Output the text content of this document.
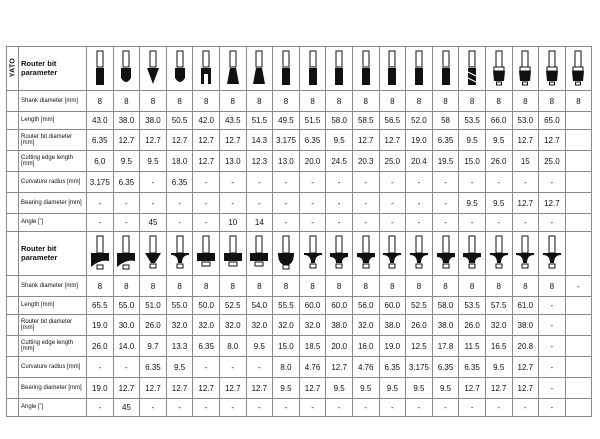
YATO	Router bit parameter	

	Shank diameter [mm]	8	8	8	8	8	8	8	8	8	8	8	8	8	8	8	8	8	8	8
	Length [mm]	43.0	38.0	38.0	50.5	42.0	43.5	51.5	49.5	51.5	58.0	58.5	56.5	52.0	58	53.5	66.0	53.0	65.0	
	Router bit diameter [mm]	6.35	12.7	12.7	12.7	12.7	12.7	14.3	3.175	6.35	9.5	12.7	12.7	19.0	6.35	9.5	9.5	12.7	12.7	
	Cutting edge length [mm]	6.0	9.5	9.5	18.0	12.7	13.0	12.3	13.0	20.0	24.5	20.3	25.0	20.4	19.5	15.0	26.0	15	25.0	
	Curvature radius [mm]	3.175	6.35	-	6.35	-	-	-	-	-	-	-	-	-	-	-	-	-	-	
	Bearing diameter [mm]	-	-	-	-	-	-	-	-	-	-	-	-	-	-	9.5	9.5	12.7	12.7	
	Angle [˚]	-	-	45	-	-	10	14	-	-	-	-	-	-	-	-	-	-	-	
	Router bit parameter	

	Shank diameter [mm]	8	8	8	8	8	8	8	8	8	8	8	8	8	8	8	8	8	8	-
	Length [mm]	65.5	55.0	51.0	55.0	50.0	52.5	54.0	55.5	60.0	60.0	56.0	60.0	52.5	58.0	53.5	57.5	61.0	-	
	Router bit diameter [mm]	19.0	30.0	26.0	32.0	32.0	32.0	32.0	32.0	32.0	38.0	32.0	38.0	26.0	38.0	26.0	32.0	38.0	-	
	Cutting edge length [mm]	26.0	14.0	9.7	13.3	6.35	8.0	9.5	15.0	18.5	20.0	16.0	19.0	12.5	17.8	11.5	16.5	20.8	-	
	Curvature radius [mm]	-	-	6.35	9.5	-	-	-	8.0	4.76	12.7	4.76	6.35	3.175	6.35	6.35	9.5	12.7	-	
	Bearing diameter [mm]	19.0	12.7	12.7	12.7	12.7	12.7	12.7	9.5	12.7	9.5	9.5	9.5	9.5	9.5	12.7	12.7	12.7	-	
	Angle [˚]	-	45	-	-	-	-	-	-	-	-	-	-	-	-	-	-	-	-	
